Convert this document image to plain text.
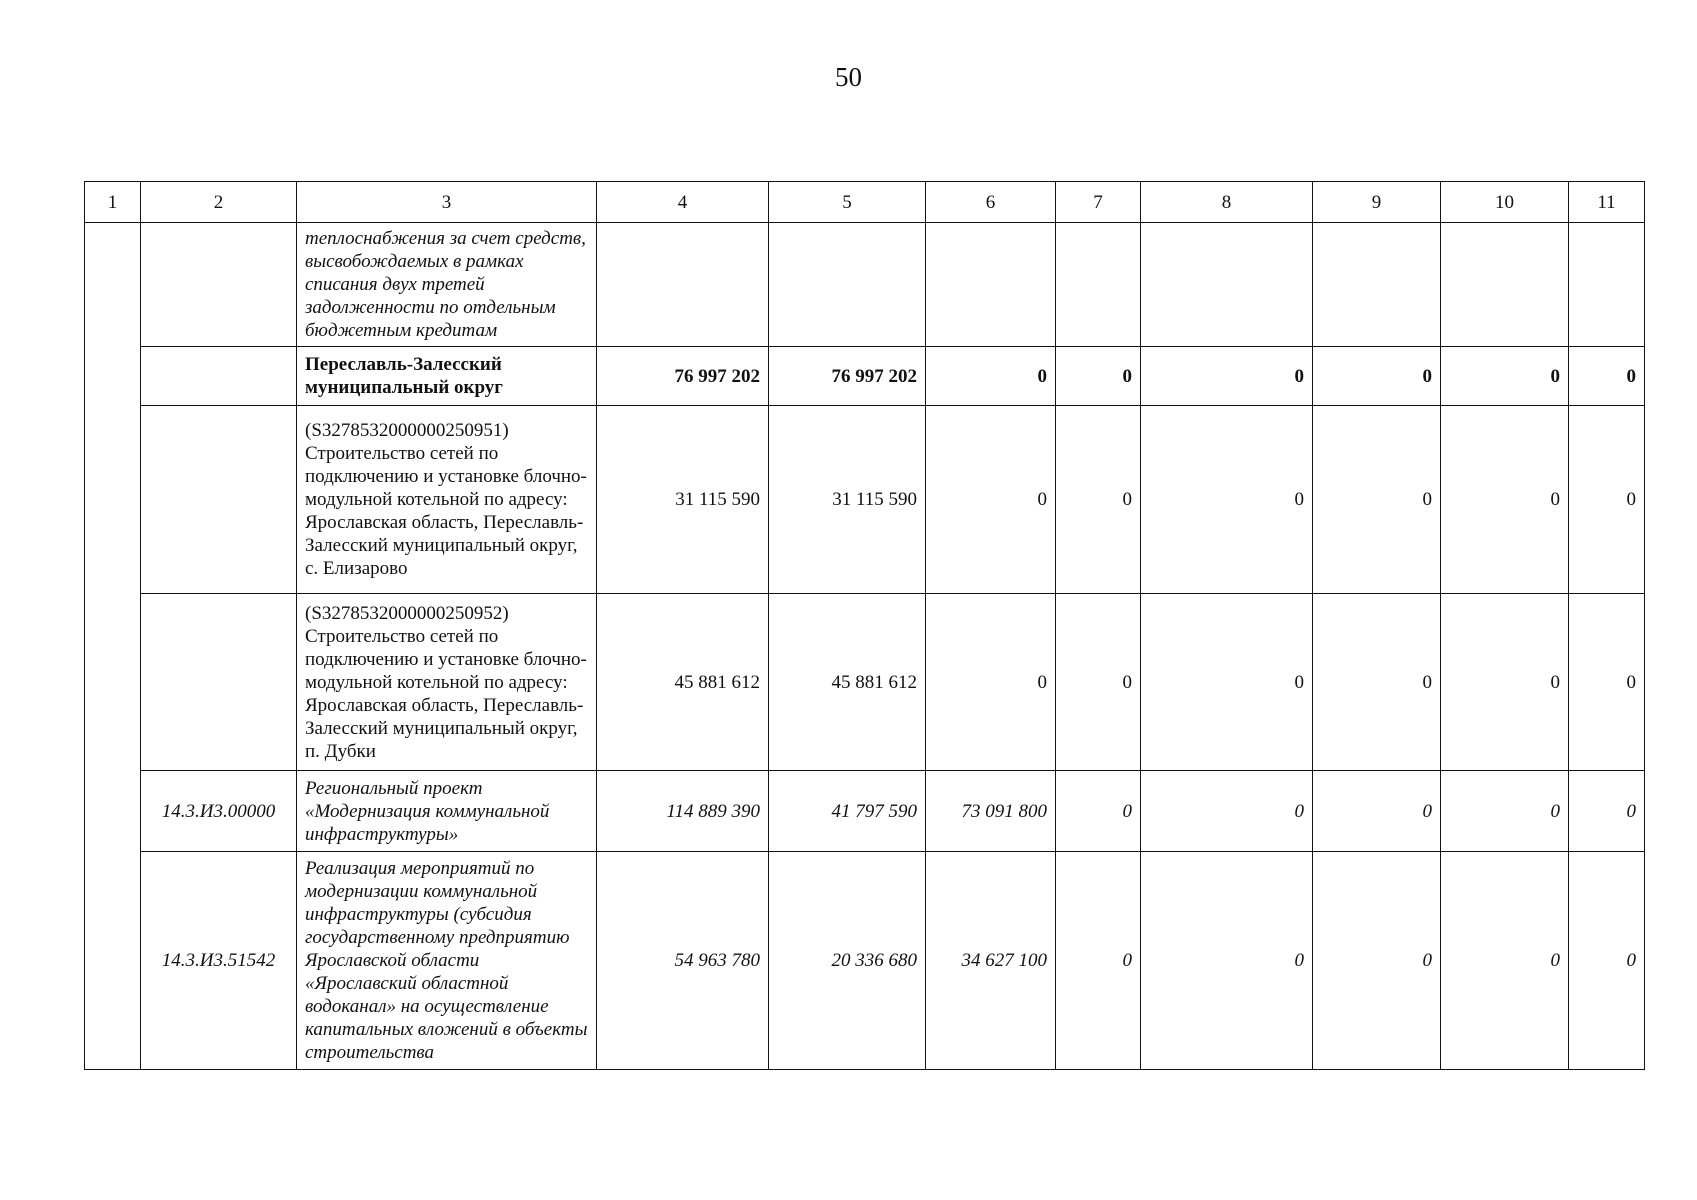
50
1	2	3	4	5	6	7	8	9	10	11
		теплоснабжения за счет средств, высвобождаемых в рамках списания двух третей задолженности по отдельным бюджетным кредитам								
		Переславль-Залесский муниципальный округ	76 997 202	76 997 202	0	0	0	0	0	0
		(S3278532000000250951) Строительство сетей по подключению и установке блочно-модульной котельной по адресу: Ярославская область, Переславль-Залесский муниципальный округ, с. Елизарово	31 115 590	31 115 590	0	0	0	0	0	0
		(S3278532000000250952) Строительство сетей по подключению и установке блочно-модульной котельной по адресу: Ярославская область, Переславль-Залесский муниципальный округ, п. Дубки	45 881 612	45 881 612	0	0	0	0	0	0
	14.3.И3.00000	Региональный проект «Модернизация коммунальной инфраструктуры»	114 889 390	41 797 590	73 091 800	0	0	0	0	0
	14.3.И3.51542	Реализация мероприятий по модернизации коммунальной инфраструктуры (субсидия государственному предприятию Ярославской области «Ярославский областной водоканал» на осуществление капитальных вложений в объекты строительства	54 963 780	20 336 680	34 627 100	0	0	0	0	0
